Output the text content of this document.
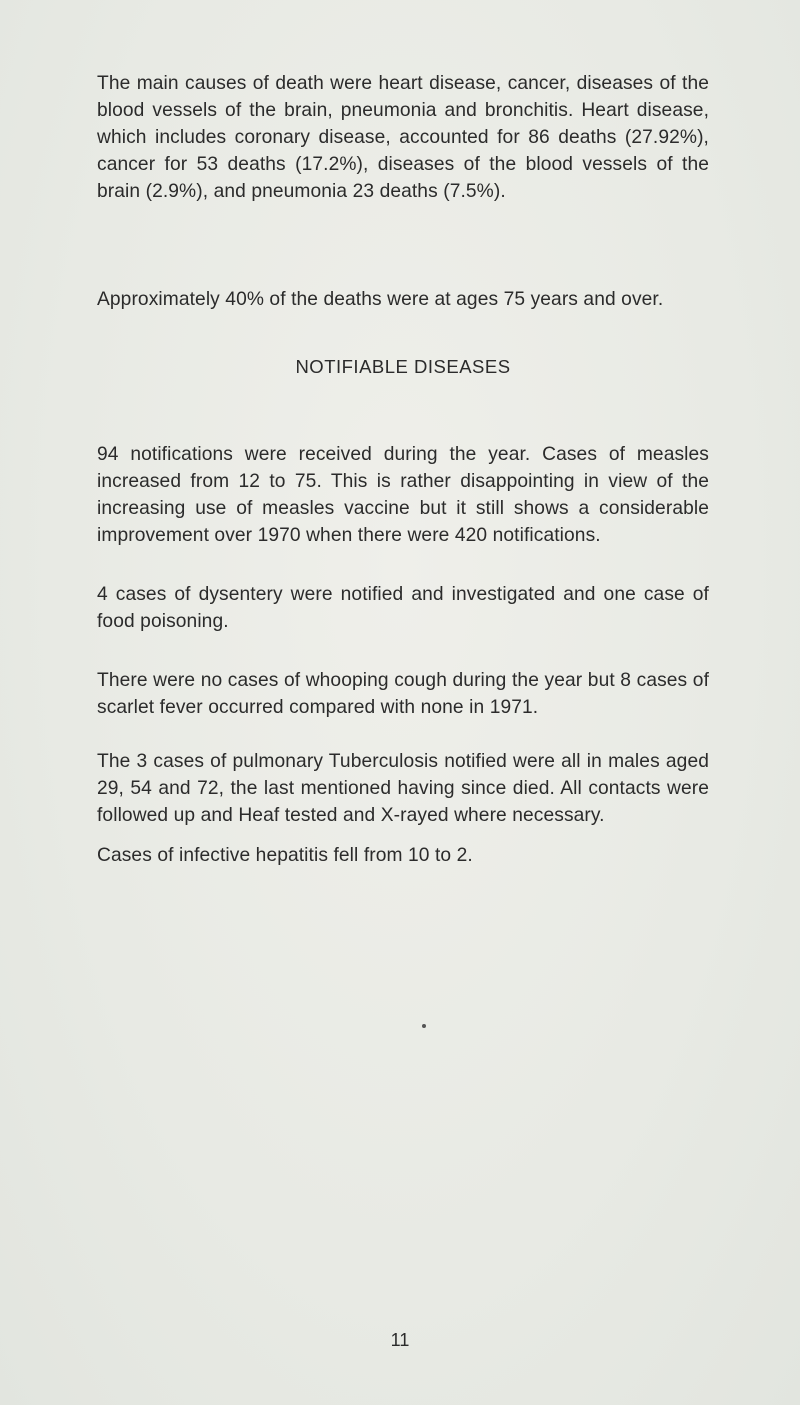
The main causes of death were heart disease, cancer, diseases of the blood vessels of the brain, pneumonia and bronchitis. Heart disease, which includes coronary disease, accounted for 86 deaths (27.92%), cancer for 53 deaths (17.2%), diseases of the blood vessels of the brain (2.9%), and pneumonia 23 deaths (7.5%).

Approximately 40% of the deaths were at ages 75 years and over.

NOTIFIABLE DISEASES

94 notifications were received during the year. Cases of measles increased from 12 to 75. This is rather disappointing in view of the increasing use of measles vaccine but it still shows a considerable improvement over 1970 when there were 420 notifications.

4 cases of dysentery were notified and investigated and one case of food poisoning.

There were no cases of whooping cough during the year but 8 cases of scarlet fever occurred compared with none in 1971.

The 3 cases of pulmonary Tuberculosis notified were all in males aged 29, 54 and 72, the last mentioned having since died. All contacts were followed up and Heaf tested and X-rayed where necessary.

Cases of infective hepatitis fell from 10 to 2.

11
